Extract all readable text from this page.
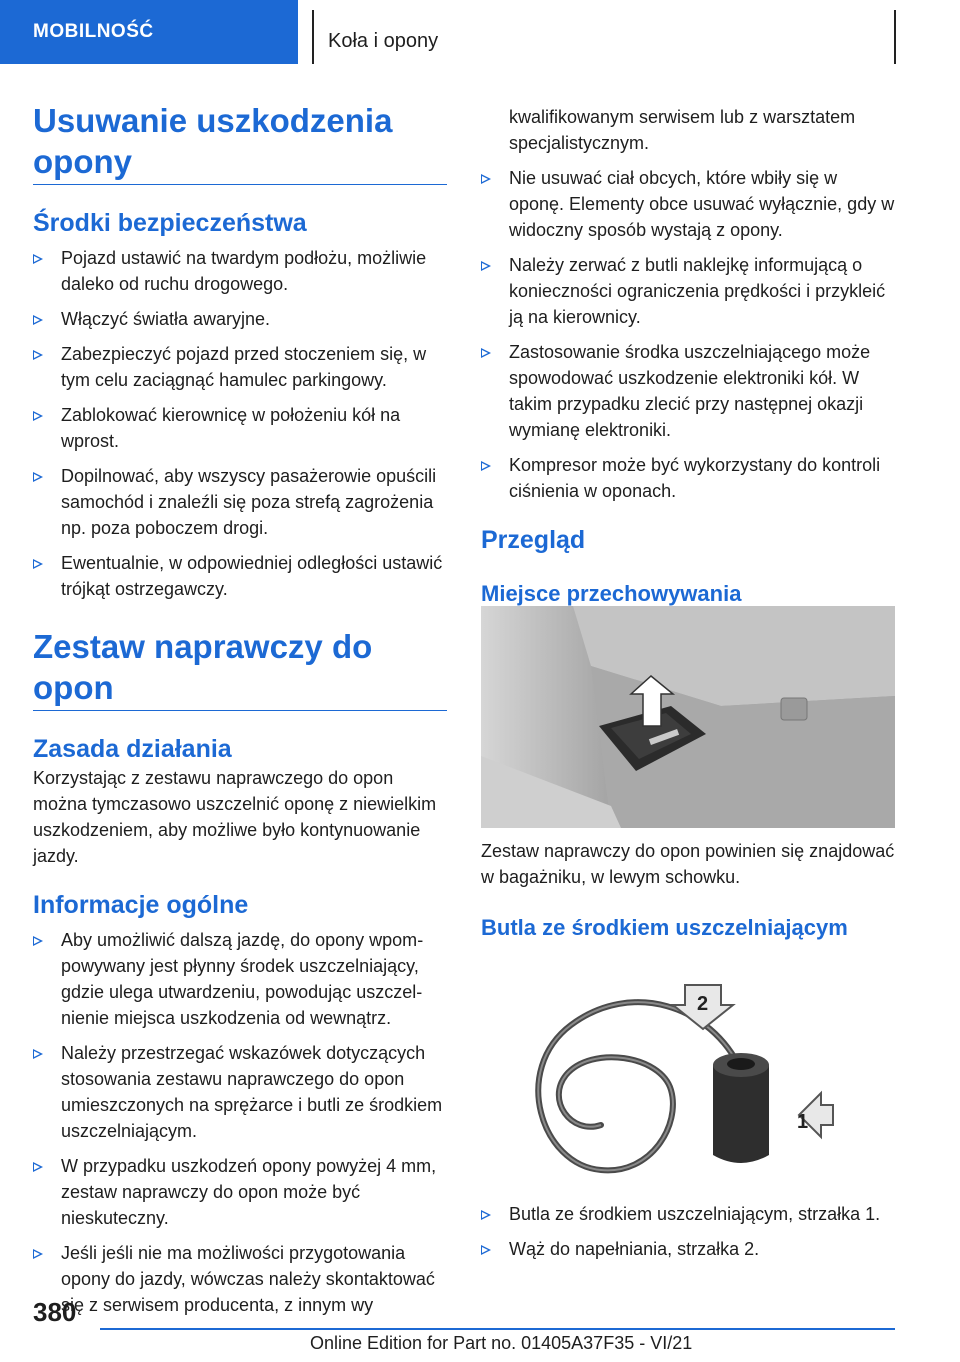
MOBILNOŚĆ	Koła i opony
Usuwanie uszkodzenia opony
Środki bezpieczeństwa
Pojazd ustawić na twardym podłożu, możliwie daleko od ruchu drogowego.
Włączyć światła awaryjne.
Zabezpieczyć pojazd przed stoczeniem się, w tym celu zaciągnąć hamulec parkingowy.
Zablokować kierownicę w położeniu kół na wprost.
Dopilnować, aby wszyscy pasażerowie opuścili samochód i znaleźli się poza strefą zagrożenia np. poza poboczem drogi.
Ewentualnie, w odpowiedniej odległości ustawić trójkąt ostrzegawczy.
Zestaw naprawczy do opon
Zasada działania

Korzystając z zestawu naprawczego do opon można tymczasowo uszczelnić oponę z niewielkim uszkodzeniem, aby możliwe było kontynuowanie jazdy.

Informacje ogólne
Aby umożliwić dalszą jazdę, do opony wpompowywany jest płynny środek uszczelniający, gdzie ulega utwardzeniu, powodując uszczelnienie miejsca uszkodzenia od wewnątrz.
Należy przestrzegać wskazówek dotyczących stosowania zestawu naprawczego do opon umieszczonych na sprężarce i butli ze środkiem uszczelniającym.
W przypadku uszkodzeń opony powyżej 4 mm, zestaw naprawczy do opon może być nieskuteczny.
Jeśli jeśli nie ma możliwości przygotowania opony do jazdy, wówczas należy skontaktować się z serwisem producenta, z innym wy

kwalifikowanym serwisem lub z warsztatem specjalistycznym.

Nie usuwać ciał obcych, które wbiły się w oponę. Elementy obce usuwać wyłącznie, gdy w widoczny sposób wystają z opony.
Należy zerwać z butli naklejkę informującą o konieczności ograniczenia prędkości i przykleić ją na kierownicy.
Zastosowanie środka uszczelniającego może spowodować uszkodzenie elektroniki kół. W takim przypadku zlecić przy następnej okazji wymianę elektroniki.
Kompresor może być wykorzystany do kontroli ciśnienia w oponach.
Przegląd
Miejsce przechowywania

Zestaw naprawczy do opon powinien się znajdować w bagażniku, w lewym schowku.

Butla ze środkiem uszczelniającym
2
1
Butla ze środkiem uszczelniającym, strzałka 1.
Wąż do napełniania, strzałka 2.
380
Online Edition for Part no. 01405A37F35 - VI/21
